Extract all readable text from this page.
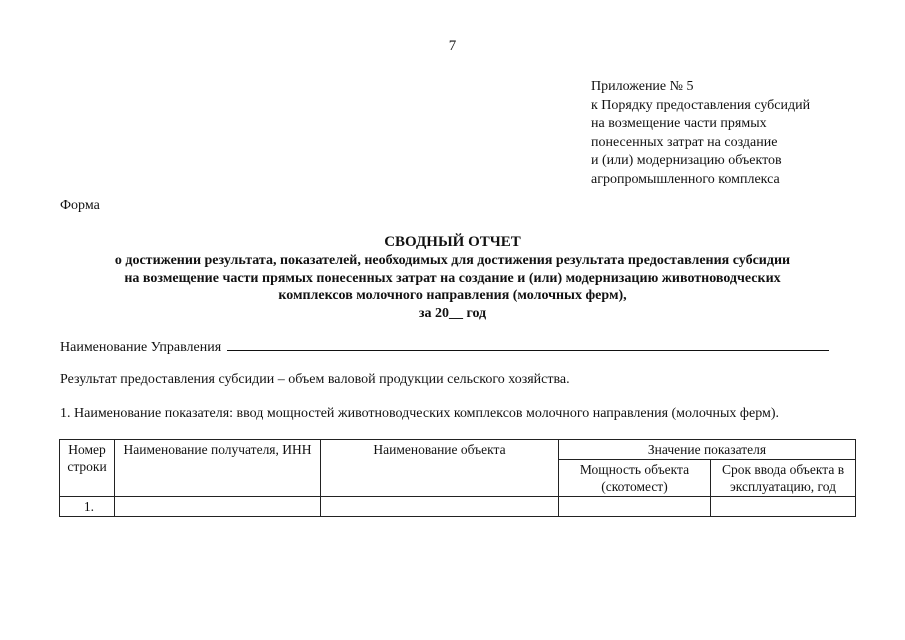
7
Приложение № 5
к Порядку предоставления субсидий
на возмещение части прямых
понесенных затрат на создание
и (или) модернизацию объектов
агропромышленного комплекса
Форма
СВОДНЫЙ ОТЧЕТ
о достижении результата, показателей, необходимых для достижения результата предоставления субсидии
на возмещение части прямых понесенных затрат на создание и (или) модернизацию животноводческих
комплексов молочного направления (молочных ферм),
за 20__ год
Наименование Управления
Результат предоставления субсидии – объем валовой продукции сельского хозяйства.
1. Наименование показателя: ввод мощностей животноводческих комплексов молочного направления (молочных ферм).
Номер строки	Наименование получателя, ИНН	Наименование объекта	Значение показателя	
			Мощность объекта (скотомест)	Срок ввода объекта в эксплуатацию, год
1.				
